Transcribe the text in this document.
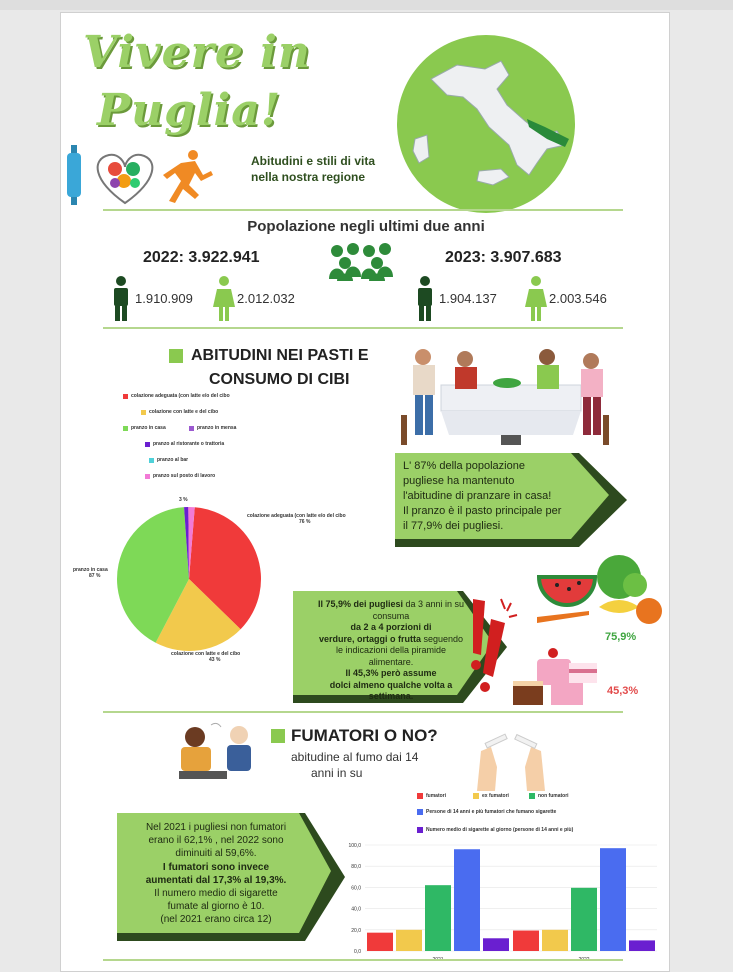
Vivere in
Puglia!
Abitudini e stili di vita
nella nostra regione
Popolazione negli ultimi due anni
2022: 3.922.941	2023: 3.907.683
1.910.909	2.012.032	1.904.137	2.003.546
ABITUDINI NEI PASTI E
CONSUMO DI CIBI
L' 87% della popolazione
pugliese ha mantenuto
l'abitudine di pranzare in casa!
Il pranzo è il pasto principale per
il 77,9% dei pugliesi.
colazione adeguata (con latte e/o del cibo
colazione con latte e del cibo
pranzo in casa	pranzo in mensa
pranzo al ristorante o trattoria
pranzo al bar
pranzo sul posto di lavoro
colazione adeguata (con latte e/o del cibo
76 %
colazione con latte e del cibo
43 %
pranzo in casa
87 %
3 %
Il 75,9% dei pugliesi da 3 anni in su
consuma
da 2 a 4 porzioni di
verdure, ortaggi o frutta seguendo
le indicazioni della piramide
alimentare.
Il 45,3% però assume
dolci almeno qualche volta a
settimana.
75,9%
45,3%
FUMATORI O NO?
abitudine al fumo dai 14
anni in su
Nel 2021 i pugliesi non fumatori
erano il 62,1% , nel 2022 sono
diminuiti al 59,6%.
I fumatori sono invece
aumentati dal 17,3% al 19,3%.
Il numero medio di sigarette
fumate al giorno è 10.
(nel 2021 erano circa 12)
fumatori	ex fumatori	non fumatori
Persone di 14 anni e più fumatori che fumano sigarette
Numero medio di sigarette al giorno (persone di 14 anni e più)
0,0
20,0
40,0
60,0
80,0
100,0
